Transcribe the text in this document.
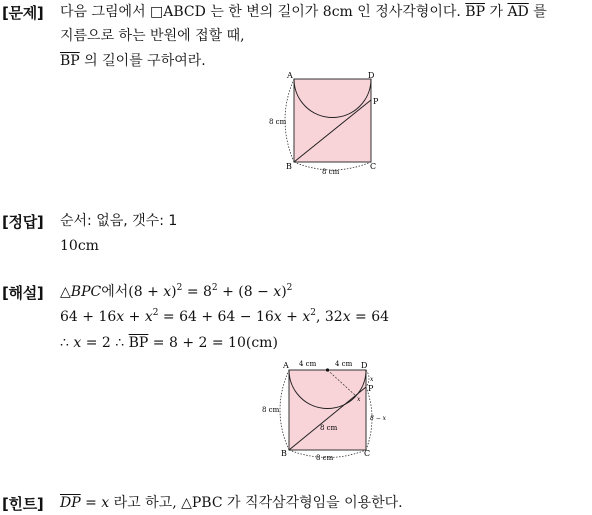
[문제] 다음 그림에서 □ABCD 는 한 변의 길이가 8cm 인 정사각형이다. $\overline{BP}$ 가 $\overline{AD}$ 를
지름으로 하는 반원에 접할 때,
$\overline{BP}$ 의 길이를 구하여라.
A	D
P
B	C
8 cm
8 cm
[정답] 순서: 없음, 갯수: 1
10cm
[해설] △BPC에서$(8 + x)^2 = 8^2 + (8 - x)^2$
$64 + 16x + x^2 = 64 + 64 - 16x + x^2$, 32x = 64
∴ x = 2 ∴ $\overline{BP} = 8 + 2 = 10(cm)$
A	D
P
B	C
4 cm	4 cm
8 cm
8 cm
8 cm
8 − x
x
x
[힌트] $\overline{DP} = x$ 라고 하고, △PBC 가 직각삼각형임을 이용한다.
